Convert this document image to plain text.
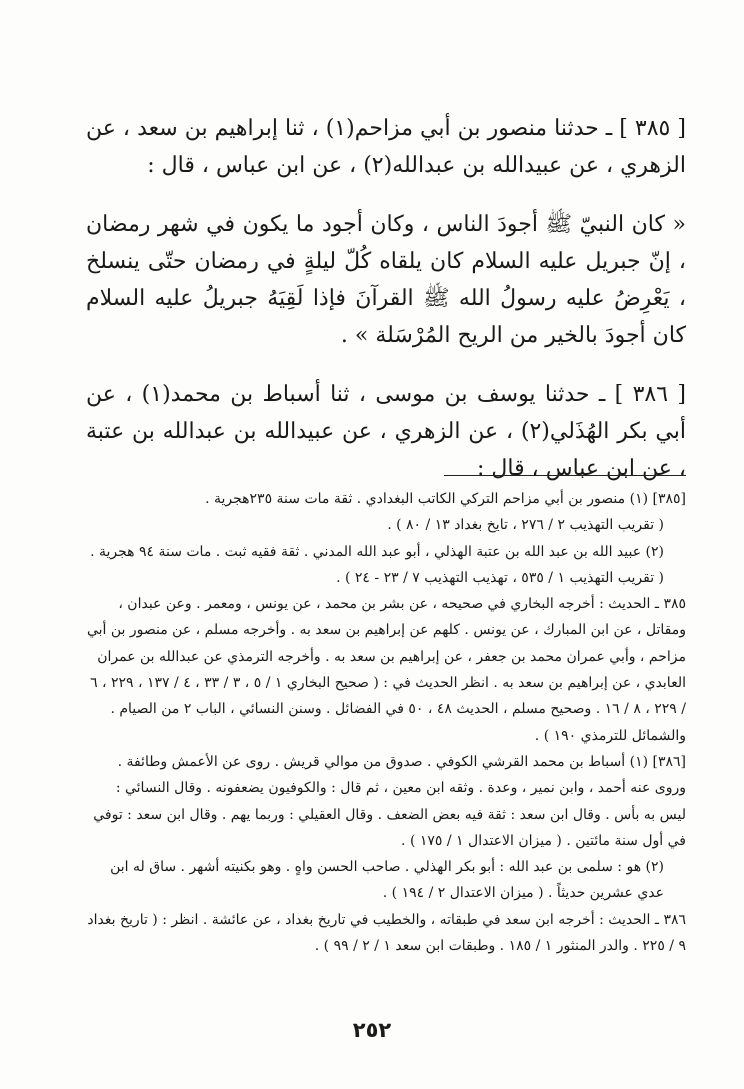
[ ٣٨٥ ] ـ حدثنا منصور بن أبي مزاحم(١) ، ثنا إبراهيم بن سعد ، عن الزهري ، عن عبيدالله بن عبدالله(٢) ، عن ابن عباس ، قال :

« كان النبيّ ﷺ أجودَ الناس ، وكان أجود ما يكون في شهر رمضان ، إنّ جبريل عليه السلام كان يلقاه كُلّ ليلةٍ في رمضان حتّى ينسلخ ، يَعْرِضُ عليه رسولُ الله ﷺ القرآنَ فإذا لَقِيَهُ جبريلُ عليه السلام كان أجودَ بالخير من الريح المُرْسَلة » .

[ ٣٨٦ ] ـ حدثنا يوسف بن موسى ، ثنا أسباط بن محمد(١) ، عن أبي بكر الهُذَلي(٢) ، عن الزهري ، عن عبيدالله بن عبدالله بن عتبة ، عن ابن عباس ، قال :

[٣٨٥] (١) منصور بن أبي مزاحم التركي الكاتب البغدادي . ثقة مات سنة ٢٣٥هجرية .

( تقريب التهذيب ٢ / ٢٧٦ ، تايخ بغداد ١٣ / ٨٠ ) .

(٢) عبيد الله بن عبد الله بن عتبة الهذلي ، أبو عبد الله المدني . ثقة فقيه ثبت . مات سنة ٩٤ هجرية . ( تقريب التهذيب ١ / ٥٣٥ ، تهذيب التهذيب ٧ / ٢٣ - ٢٤ ) .

٣٨٥ ـ الحديث : أخرجه البخاري في صحيحه ، عن بشر بن محمد ، عن يونس ، ومعمر . وعن عبدان ، ومقاتل ، عن ابن المبارك ، عن يونس . كلهم عن إبراهيم بن سعد به . وأخرجه مسلم ، عن منصور بن أبي مزاحم ، وأبي عمران محمد بن جعفر ، عن إبراهيم بن سعد به . وأخرجه الترمذي عن عبدالله بن عمران العابدي ، عن إبراهيم بن سعد به . انظر الحديث في : ( صحيح البخاري ١ / ٥ ، ٣ / ٣٣ ، ٤ / ١٣٧ ، ٢٢٩ ، ٦ / ٢٢٩ ، ٨ / ١٦ . وصحيح مسلم ، الحديث ٤٨ ، ٥٠ في الفضائل . وسنن النسائي ، الباب ٢ من الصيام . والشمائل للترمذي ١٩٠ ) .

[٣٨٦] (١) أسباط بن محمد القرشي الكوفي . صدوق من موالي قريش . روى عن الأعمش وطائفة . وروى عنه أحمد ، وابن نمير ، وعدة . وثقه ابن معين ، ثم قال : والكوفيون يضعفونه . وقال النسائي : ليس به بأس . وقال ابن سعد : ثقة فيه بعض الضعف . وقال العقيلي : وربما يهم . وقال ابن سعد : توفي في أول سنة مائتين . ( ميزان الاعتدال ١ / ١٧٥ ) .

(٢) هو : سلمى بن عبد الله : أبو بكر الهذلي . صاحب الحسن واهٍ . وهو بكنيته أشهر . ساق له ابن عدي عشرين حديثاً . ( ميزان الاعتدال ٢ / ١٩٤ ) .

٣٨٦ ـ الحديث : أخرجه ابن سعد في طبقاته ، والخطيب في تاريخ بغداد ، عن عائشة . انظر : ( تاريخ بغداد ٩ / ٢٢٥ . والدر المنثور ١ / ١٨٥ . وطبقات ابن سعد ١ / ٢ / ٩٩ ) .

٢٥٢
